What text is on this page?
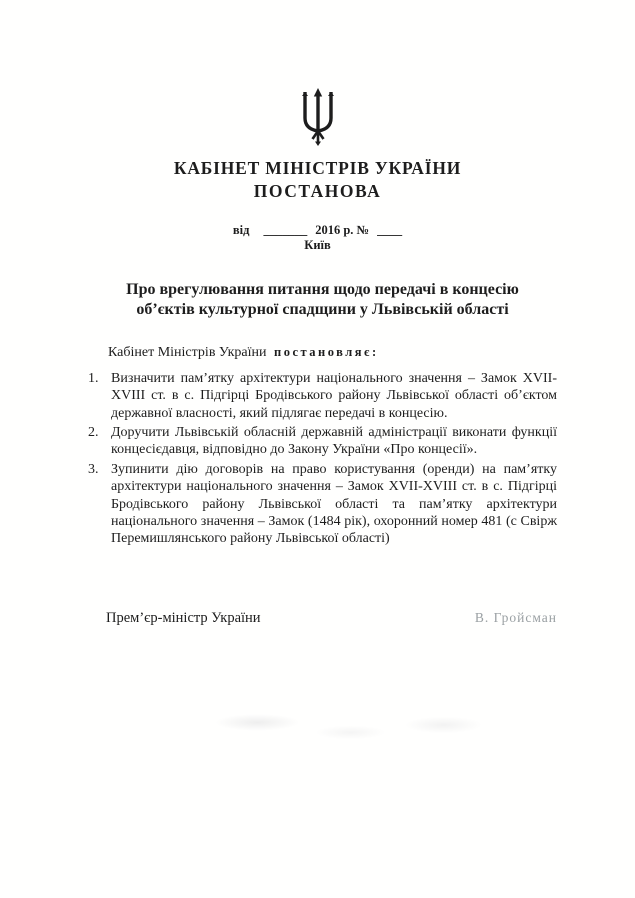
КАБІНЕТ МІНІСТРІВ УКРАЇНИ
ПОСТАНОВА
від _______ 2016 р. № ____
Київ
Про врегулювання питання щодо передачі в концесію
об’єктів культурної спадщини у Львівській області
Кабінет Міністрів України постановляє:
1. Визначити пам’ятку архітектури національного значення – Замок XVII-XVIII ст. в с. Підгірці Бродівського району Львівської області об’єктом державної власності, який підлягає передачі в концесію.
2. Доручити Львівській обласній державній адміністрації виконати функції концесієдавця, відповідно до Закону України «Про концесії».
3. Зупинити дію договорів на право користування (оренди) на пам’ятку архітектури національного значення – Замок XVII-XVIII ст. в с. Підгірці Бродівського району Львівської області та пам’ятку архітектури національного значення – Замок (1484 рік), охоронний номер 481 (с Свірж Перемишлянського району Львівської області)
Прем’єр-міністр України	В. Гройсман
